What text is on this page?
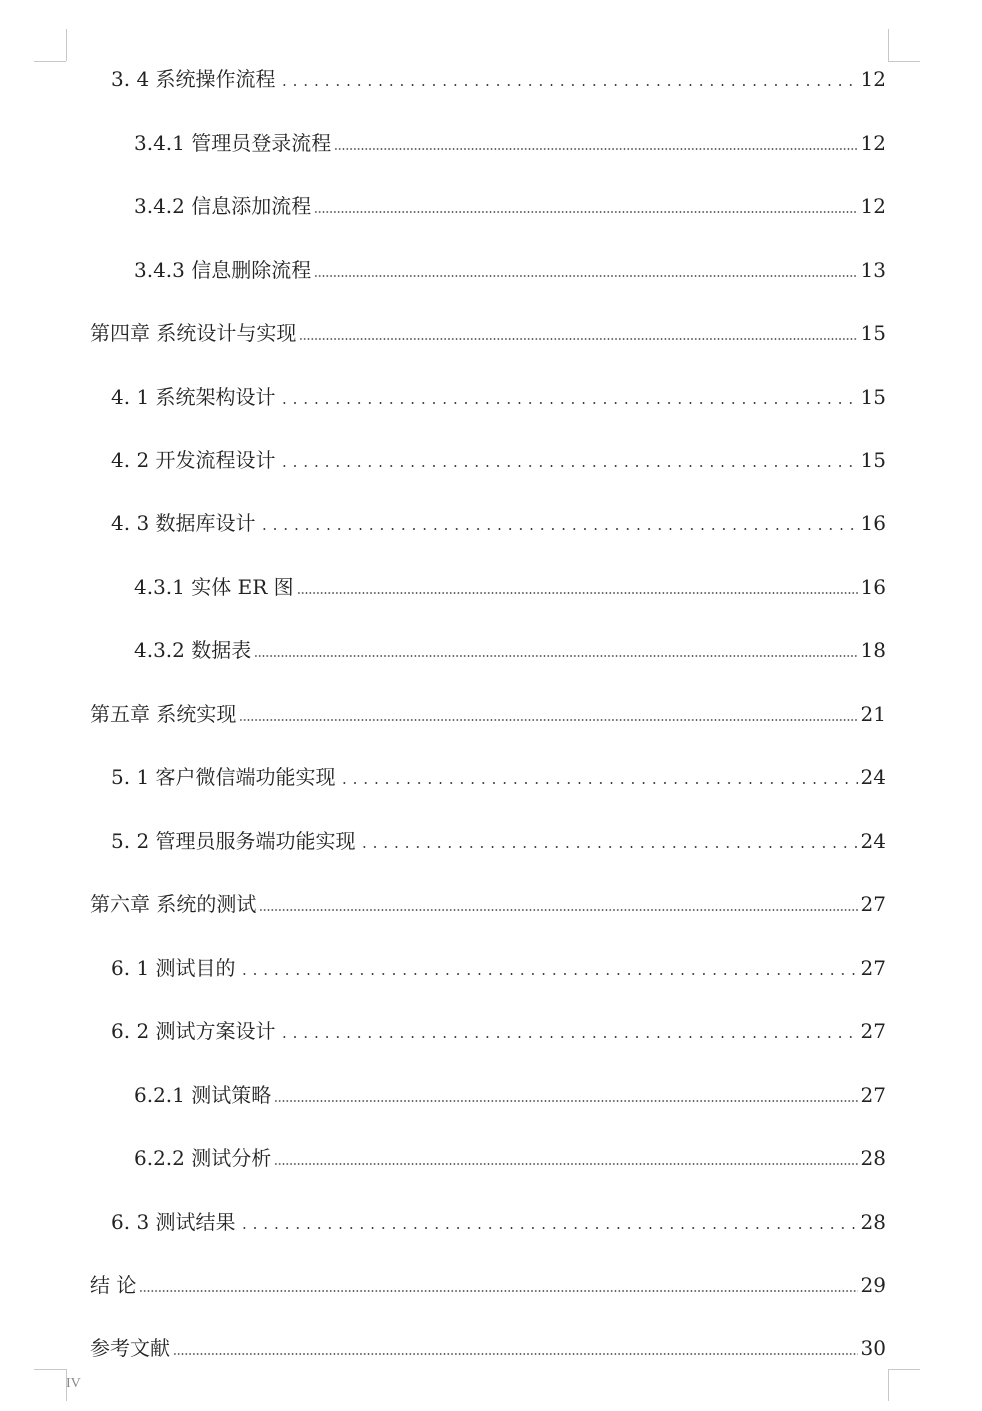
3. 4 系统操作流程	12
3.4.1 管理员登录流程	12
3.4.2 信息添加流程	12
3.4.3 信息删除流程	13
第四章 系统设计与实现	15
4. 1 系统架构设计	15
4. 2 开发流程设计	15
4. 3 数据库设计	16
4.3.1 实体 ER 图	16
4.3.2 数据表	18
第五章 系统实现	21
5. 1 客户微信端功能实现	24
5. 2 管理员服务端功能实现	24
第六章 系统的测试	27
6. 1 测试目的	27
6. 2 测试方案设计	27
6.2.1 测试策略	27
6.2.2 测试分析	28
6. 3 测试结果	28
结 论	29
参考文献	30
IV
